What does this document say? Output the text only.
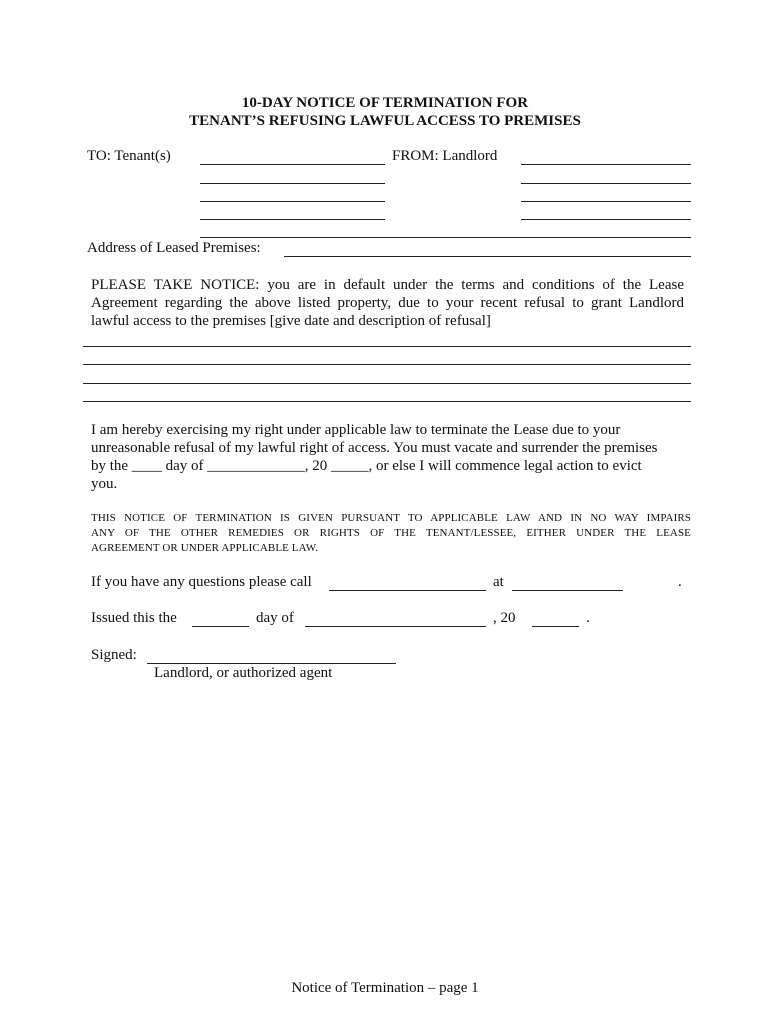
10-DAY NOTICE OF TERMINATION FOR
TENANT’S REFUSING LAWFUL ACCESS TO PREMISES
TO: Tenant(s)	FROM: Landlord
Address of Leased Premises:
PLEASE TAKE NOTICE: you are in default under the terms and conditions of the Lease
Agreement regarding the above listed property, due to your recent refusal to grant Landlord
lawful access to the premises [give date and description of refusal]
I am hereby exercising my right under applicable law to terminate the Lease due to your
unreasonable refusal of my lawful right of access. You must vacate and surrender the premises
by the ____ day of _____________, 20 _____, or else I will commence legal action to evict
you.
THIS NOTICE OF TERMINATION IS GIVEN PURSUANT TO APPLICABLE LAW AND IN NO WAY IMPAIRS
ANY OF THE OTHER REMEDIES OR RIGHTS OF THE TENANT/LESSEE, EITHER UNDER THE LEASE
AGREEMENT OR UNDER APPLICABLE LAW.
If you have any questions please call	at	.
Issued this the	day of	, 20	.
Signed:
Landlord, or authorized agent
Notice of Termination – page 1
